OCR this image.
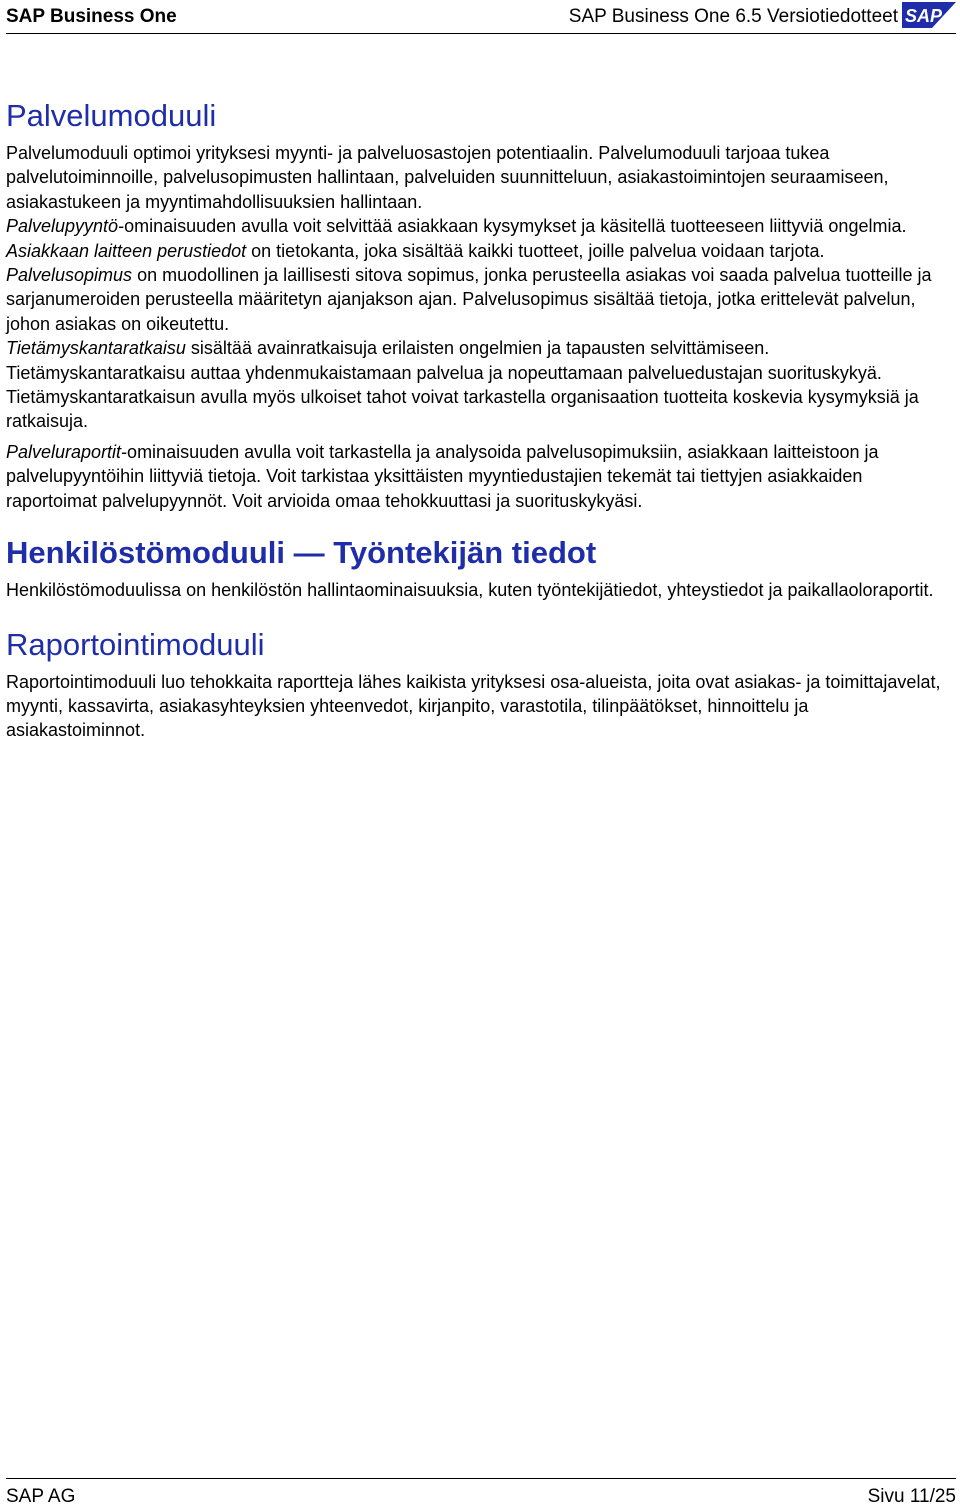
SAP Business One	SAP Business One 6.5 Versiotiedotteet SAP
Palvelumoduuli

Palvelumoduuli optimoi yrityksesi myynti- ja palveluosastojen potentiaalin. Palvelumoduuli tarjoaa tukea palvelutoiminnoille, palvelusopimusten hallintaan, palveluiden suunnitteluun, asiakastoimintojen seuraamiseen, asiakastukeen ja myyntimahdollisuuksien hallintaan.

Palvelupyyntö-ominaisuuden avulla voit selvittää asiakkaan kysymykset ja käsitellä tuotteeseen liittyviä ongelmia.

Asiakkaan laitteen perustiedot on tietokanta, joka sisältää kaikki tuotteet, joille palvelua voidaan tarjota.

Palvelusopimus on muodollinen ja laillisesti sitova sopimus, jonka perusteella asiakas voi saada palvelua tuotteille ja sarjanumeroiden perusteella määritetyn ajanjakson ajan. Palvelusopimus sisältää tietoja, jotka erittelevät palvelun, johon asiakas on oikeutettu.

Tietämyskantaratkaisu sisältää avainratkaisuja erilaisten ongelmien ja tapausten selvittämiseen. Tietämyskantaratkaisu auttaa yhdenmukaistamaan palvelua ja nopeuttamaan palveluedustajan suorituskykyä. Tietämyskantaratkaisun avulla myös ulkoiset tahot voivat tarkastella organisaation tuotteita koskevia kysymyksiä ja ratkaisuja.

Palveluraportit-ominaisuuden avulla voit tarkastella ja analysoida palvelusopimuksiin, asiakkaan laitteistoon ja palvelupyyntöihin liittyviä tietoja. Voit tarkistaa yksittäisten myyntiedustajien tekemät tai tiettyjen asiakkaiden raportoimat palvelupyynnöt. Voit arvioida omaa tehokkuuttasi ja suorituskykyäsi.

Henkilöstömoduuli — Työntekijän tiedot

Henkilöstömoduulissa on henkilöstön hallintaominaisuuksia, kuten työntekijätiedot, yhteystiedot ja paikallaoloraportit.

Raportointimoduuli

Raportointimoduuli luo tehokkaita raportteja lähes kaikista yrityksesi osa-alueista, joita ovat asiakas- ja toimittajavelat, myynti, kassavirta, asiakasyhteyksien yhteenvedot, kirjanpito, varastotila, tilinpäätökset, hinnoittelu ja asiakastoiminnot.

SAP AG	Sivu 11/25
